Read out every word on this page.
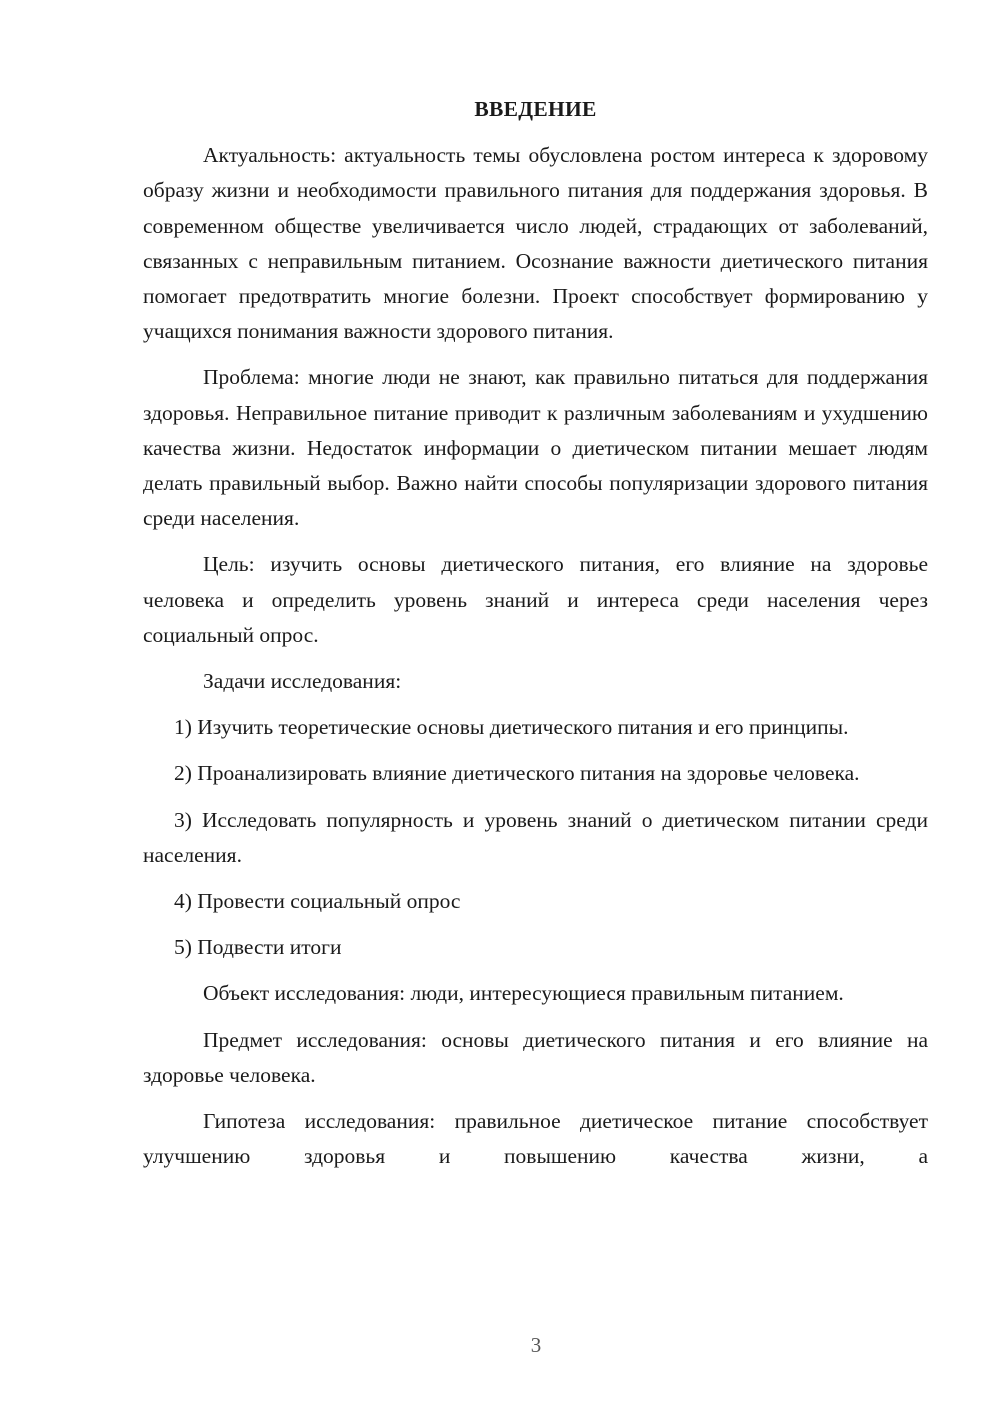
ВВЕДЕНИЕ
Актуальность: актуальность темы обусловлена ростом интереса к здоровому образу жизни и необходимости правильного питания для поддержания здоровья. В современном обществе увеличивается число людей, страдающих от заболеваний, связанных с неправильным питанием. Осознание важности диетического питания помогает предотвратить многие болезни. Проект способствует формированию у учащихся понимания важности здорового питания.
Проблема: многие люди не знают, как правильно питаться для поддержания здоровья. Неправильное питание приводит к различным заболеваниям и ухудшению качества жизни. Недостаток информации о диетическом питании мешает людям делать правильный выбор. Важно найти способы популяризации здорового питания среди населения.
Цель: изучить основы диетического питания, его влияние на здоровье человека и определить уровень знаний и интереса среди населения через социальный опрос.
Задачи исследования:
1) Изучить теоретические основы диетического питания и его принципы.
2) Проанализировать влияние диетического питания на здоровье человека.
3) Исследовать популярность и уровень знаний о диетическом питании среди населения.
4) Провести социальный опрос
5) Подвести итоги
Объект исследования: люди, интересующиеся правильным питанием.
Предмет исследования: основы диетического питания и его влияние на здоровье человека.
Гипотеза исследования: правильное диетическое питание способствует улучшению здоровья и повышению качества жизни, а
3
